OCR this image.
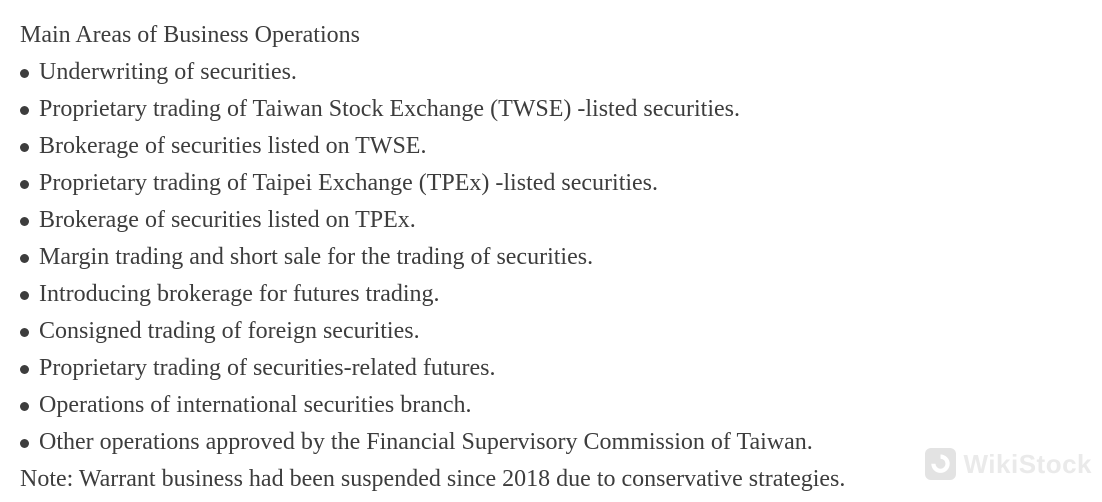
Main Areas of Business Operations
Underwriting of securities.
Proprietary trading of Taiwan Stock Exchange (TWSE) -listed securities.
Brokerage of securities listed on TWSE.
Proprietary trading of Taipei Exchange (TPEx) -listed securities.
Brokerage of securities listed on TPEx.
Margin trading and short sale for the trading of securities.
Introducing brokerage for futures trading.
Consigned trading of foreign securities.
Proprietary trading of securities-related futures.
Operations of international securities branch.
Other operations approved by the Financial Supervisory Commission of Taiwan.
Note: Warrant business had been suspended since 2018 due to conservative strategies.	WikiStock
